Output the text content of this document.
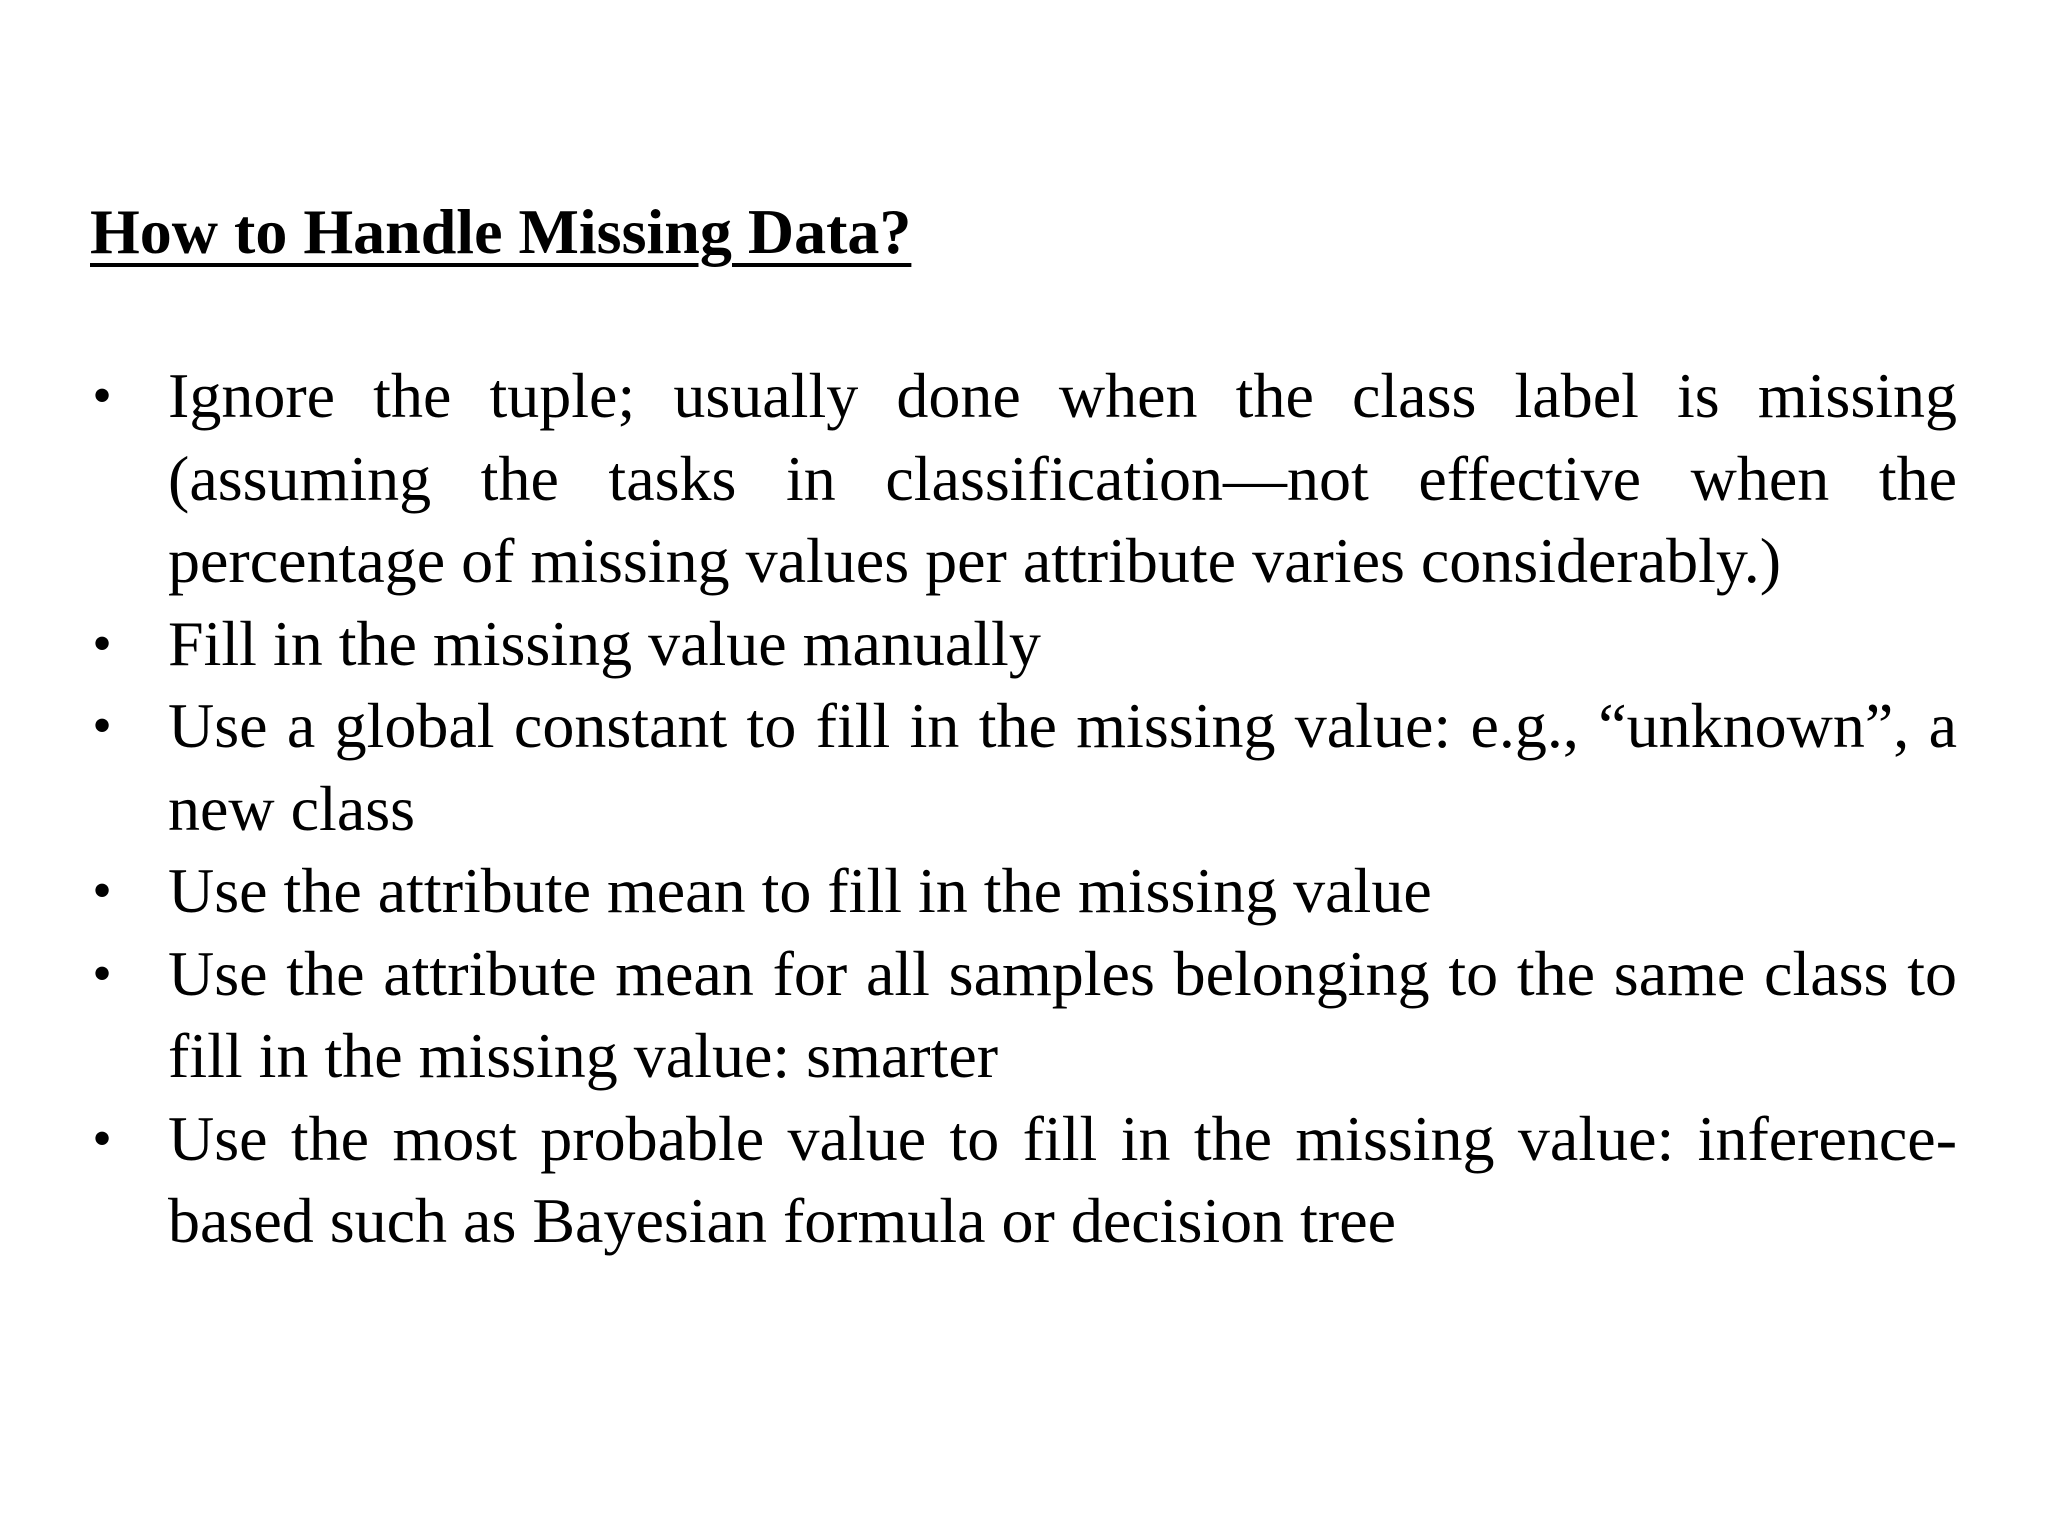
How to Handle Missing Data?
• Ignore the tuple; usually done when the class label is missing (assuming the tasks in classification—not effective when the percentage of missing values per attribute varies considerably.)
• Fill in the missing value manually
• Use a global constant to fill in the missing value: e.g., “unknown”, a new class
• Use the attribute mean to fill in the missing value
• Use the attribute mean for all samples belonging to the same class to fill in the missing value: smarter
• Use the most probable value to fill in the missing value: inference-based such as Bayesian formula or decision tree
